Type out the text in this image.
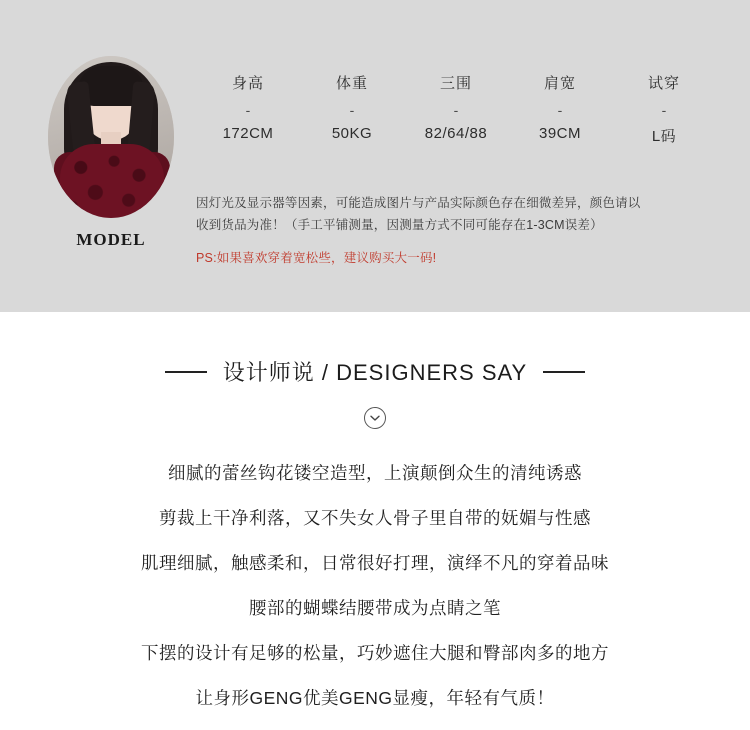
MODEL
身高
-
172CM
体重
-
50KG
三围
-
82/64/88
肩宽
-
39CM
试穿
-
L码
因灯光及显示器等因素，可能造成图片与产品实际颜色存在细微差异，颜色请以
收到货品为准！（手工平铺测量，因测量方式不同可能存在1-3CM误差）
PS:如果喜欢穿着宽松些，建议购买大一码!
设计师说 / DESIGNERS SAY
细腻的蕾丝钩花镂空造型，上演颠倒众生的清纯诱惑
剪裁上干净利落，又不失女人骨子里自带的妩媚与性感
肌理细腻，触感柔和，日常很好打理，演绎不凡的穿着品味
腰部的蝴蝶结腰带成为点睛之笔
下摆的设计有足够的松量，巧妙遮住大腿和臀部肉多的地方
让身形GENG优美GENG显瘦，年轻有气质！
